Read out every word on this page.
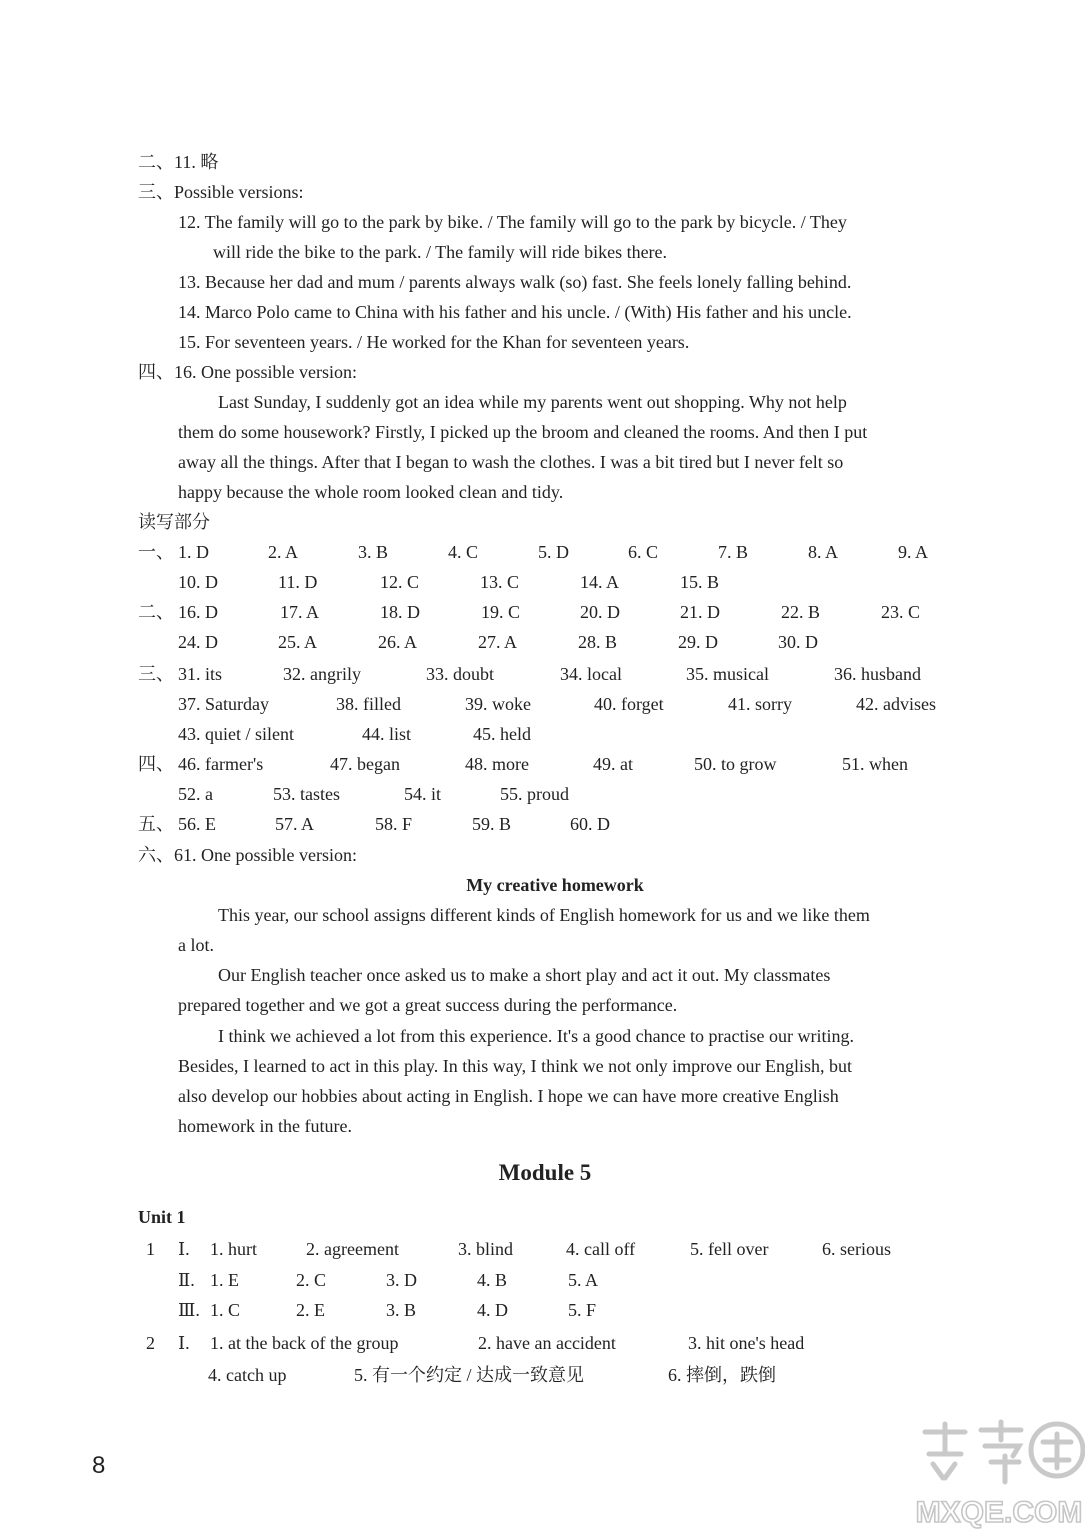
二、11. 略
三、Possible versions:
12. The family will go to the park by bike. / The family will go to the park by bicycle. / They
will ride the bike to the park. / The family will ride bikes there.
13. Because her dad and mum / parents always walk (so) fast. She feels lonely falling behind.
14. Marco Polo came to China with his father and his uncle. / (With) His father and his uncle.
15. For seventeen years. / He worked for the Khan for seventeen years.
四、16. One possible version:
Last Sunday, I suddenly got an idea while my parents went out shopping. Why not help
them do some housework? Firstly, I picked up the broom and cleaned the rooms. And then I put
away all the things. After that I began to wash the clothes. I was a bit tired but I never felt so
happy because the whole room looked clean and tidy.
读写部分
一、 1. D	2. A	3. B	4. C	5. D	6. C	7. B	8. A	9. A
10. D	11. D	12. C	13. C	14. A	15. B
二、 16. D	17. A	18. D	19. C	20. D	21. D	22. B	23. C
24. D	25. A	26. A	27. A	28. B	29. D	30. D
三、 31. its	32. angrily	33. doubt	34. local	35. musical	36. husband
37. Saturday	38. filled	39. woke	40. forget	41. sorry	42. advises
43. quiet / silent	44. list	45. held
四、 46. farmer's	47. began	48. more	49. at	50. to grow	51. when
52. a	53. tastes	54. it	55. proud
五、 56. E	57. A	58. F	59. B	60. D
六、61. One possible version:
My creative homework
This year, our school assigns different kinds of English homework for us and we like them
a lot.
Our English teacher once asked us to make a short play and act it out. My classmates
prepared together and we got a great success during the performance.
I think we achieved a lot from this experience. It's a good chance to practise our writing.
Besides, I learned to act in this play. In this way, I think we not only improve our English, but
also develop our hobbies about acting in English. I hope we can have more creative English
homework in the future.
Module 5
Unit 1
1 Ⅰ. 1. hurt	2. agreement	3. blind	4. call off	5. fell over	6. serious
Ⅱ. 1. E	2. C	3. D	4. B	5. A
Ⅲ. 1. C	2. E	3. B	4. D	5. F
2 Ⅰ. 1. at the back of the group	2. have an accident	3. hit one's head
4. catch up	5. 有一个约定 / 达成一致意见	6. 摔倒，跌倒
8
MXQE.COM
